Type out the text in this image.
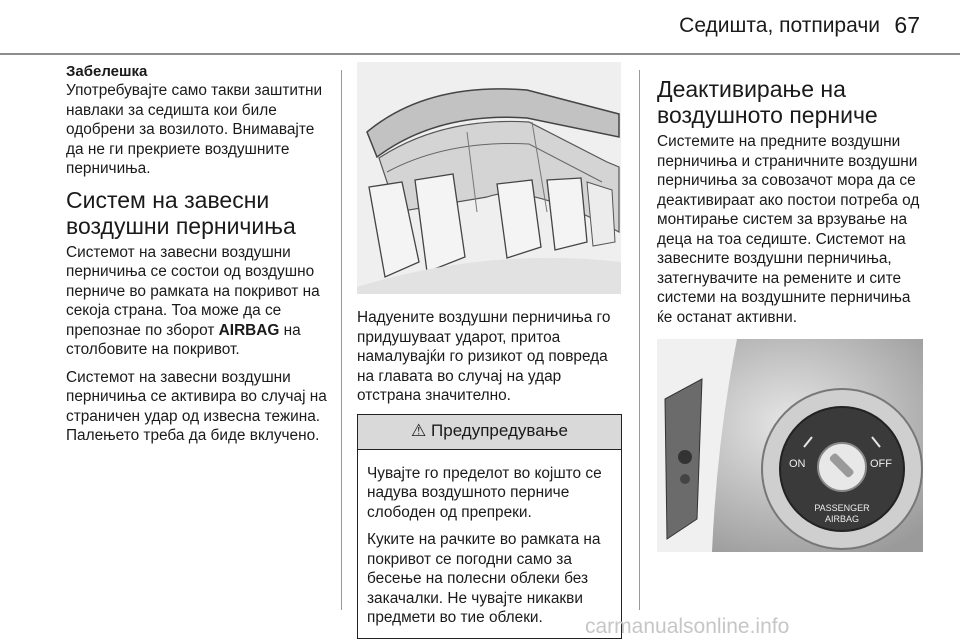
Седишта, потпирачи 67
Забелешка

Употребувајте само такви заштитни навлаки за седишта кои биле одобрени за возилото. Внимавајте да не ги прекриете воздушните перничиња.

Систем на завесни воздушни перничиња

Системот на завесни воздушни перничиња се состои од воздушно перниче во рамката на покривот на секоја страна. Тоа може да се препознае по зборот AIRBAG на столбовите на покривот.

Системот на завесни воздушни перничиња се активира во случај на страничен удар од извесна тежина. Палењето треба да биде вклучено.

Надуените воздушни перничиња го придушуваат ударот, притоа намалувајќи го ризикот од повреда на главата во случај на удар отстрана значително.

⚠ Предупредување

Чувајте го пределот во којшто се надува воздушното перниче слободен од препреки.

Куките на рачките во рамката на покривот се погодни само за бесење на полесни облеки без закачалки. Не чувајте никакви предмети во тие облеки.

Деактивирање на воздушното перниче

Системите на предните воздушни перничиња и страничните воздушни перничиња за совозачот мора да се деактивираат ако постои потреба од монтирање систем за врзување на деца на тоа седиште. Системот на завесните воздушни перничиња, затегнувачите на ремените и сите системи на воздушните перничиња ќе останат активни.

ON	OFF
PASSENGER
AIRBAG
carmanualsonline.info
